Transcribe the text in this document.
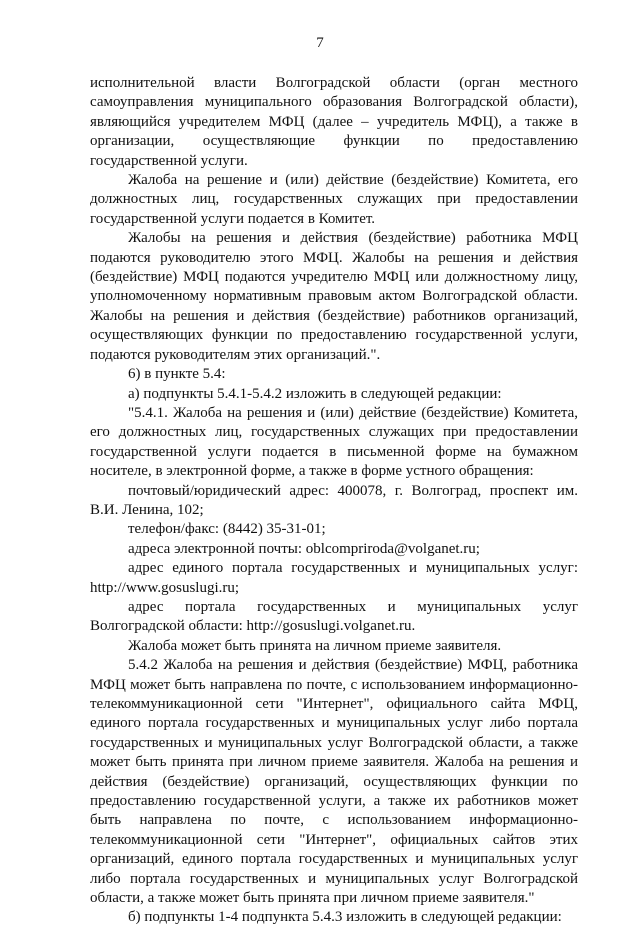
7

исполнительной власти Волгоградской области (орган местного самоуправления муниципального образования Волгоградской области), являющийся учредителем МФЦ (далее – учредитель МФЦ), а также в организации, осуществляющие функции по предоставлению государственной услуги.

Жалоба на решение и (или) действие (бездействие) Комитета, его должностных лиц, государственных служащих при предоставлении государственной услуги подается в Комитет.

Жалобы на решения и действия (бездействие) работника МФЦ подаются руководителю этого МФЦ. Жалобы на решения и действия (бездействие) МФЦ подаются учредителю МФЦ или должностному лицу, уполномоченному нормативным правовым актом Волгоградской области. Жалобы на решения и действия (бездействие) работников организаций, осуществляющих функции по предоставлению государственной услуги, подаются руководителям этих организаций.".

6) в пункте 5.4:

а) подпункты 5.4.1-5.4.2 изложить в следующей редакции:

"5.4.1. Жалоба на решения и (или) действие (бездействие) Комитета, его должностных лиц, государственных служащих при предоставлении государственной услуги подается в письменной форме на бумажном носителе, в электронной форме, а также в форме устного обращения:

почтовый/юридический адрес: 400078, г. Волгоград, проспект им. В.И. Ленина, 102;

телефон/факс: (8442) 35-31-01;

адреса электронной почты: oblcompriroda@volganet.ru;

адрес единого портала государственных и муниципальных услуг: http://www.gosuslugi.ru;

адрес портала государственных и муниципальных услуг Волгоградской области: http://gosuslugi.volganet.ru.

Жалоба может быть принята на личном приеме заявителя.

5.4.2 Жалоба на решения и действия (бездействие) МФЦ, работника МФЦ может быть направлена по почте, с использованием информационно-телекоммуникационной сети "Интернет", официального сайта МФЦ, единого портала государственных и муниципальных услуг либо портала государственных и муниципальных услуг Волгоградской области, а также может быть принята при личном приеме заявителя. Жалоба на решения и действия (бездействие) организаций, осуществляющих функции по предоставлению государственной услуги, а также их работников может быть направлена по почте, с использованием информационно-телекоммуникационной сети "Интернет", официальных сайтов этих организаций, единого портала государственных и муниципальных услуг либо портала государственных и муниципальных услуг Волгоградской области, а также может быть принята при личном приеме заявителя."

б) подпункты 1-4 подпункта 5.4.3 изложить в следующей редакции:
